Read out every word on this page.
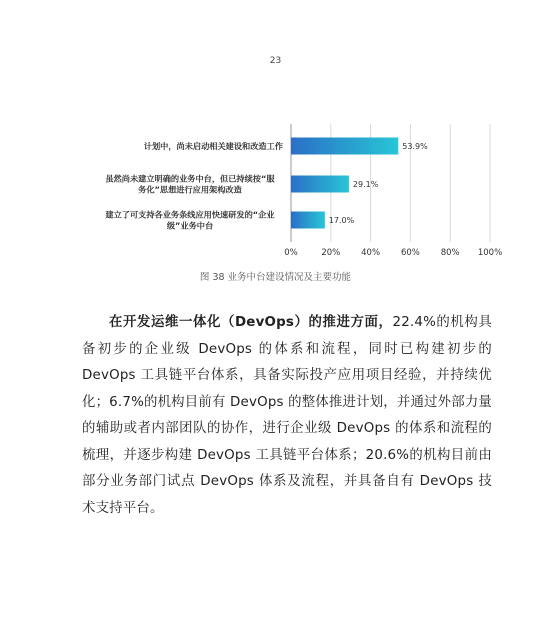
23
0%	20% 40% 60% 80% 100%
53.9%
计划中，尚未启动相关建设和改造工作
29.1%
虽然尚未建立明确的业务中台，但已持续按“服务化”思想进行应用架构改造
17.0%
建立了可支持各业务条线应用快速研发的“企业级”业务中台
图 38 业务中台建设情况及主要功能
在开发运维一体化（DevOps）的推进方面，22.4%的机构具备初步的企业级 DevOps 的体系和流程，同时已构建初步的 DevOps 工具链平台体系，具备实际投产应用项目经验，并持续优化；6.7%的机构目前有 DevOps 的整体推进计划，并通过外部力量的辅助或者内部团队的协作，进行企业级 DevOps 的体系和流程的梳理，并逐步构建 DevOps 工具链平台体系；20.6%的机构目前由部分业务部门试点 DevOps 体系及流程，并具备自有 DevOps 技术支持平台。
